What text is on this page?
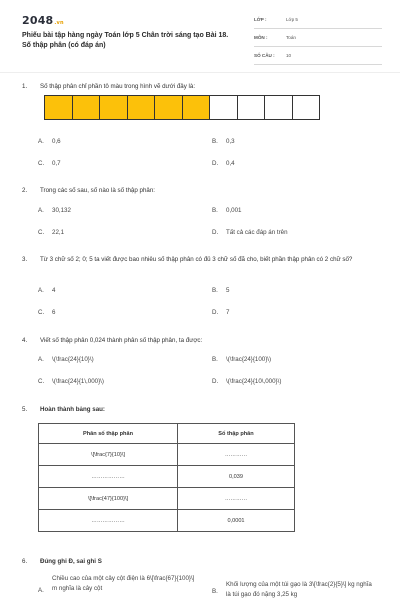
2048.vn
Phiếu bài tập hàng ngày Toán lớp 5 Chân trời sáng tạo Bài 18. Số thập phân (có đáp án)
LỚP :	Lớp 5
MÔN :	Toán
SỐ CÂU : 10
1. Số thập phân chỉ phần tô màu trong hình vẽ dưới đây là:
A. 0,6	B. 0,3
C. 0,7	D. 0,4
2. Trong các số sau, số nào là số thập phân:
A. 30,132	B. 0,001
C. 22,1	D. Tất cả các đáp án trên
3. Từ 3 chữ số 2; 0; 5 ta viết được bao nhiêu số thập phân có đủ 3 chữ số đã cho, biết phần thập phân có 2 chữ số?
A. 4	B. 5
C. 6	D. 7
4. Viết số thập phân 0,024 thành phân số thập phân, ta được:
A. \(\frac{24}{10}\)	B. \(\frac{24}{100}\)
C. \(\frac{24}{1\,000}\)	D. \(\frac{24}{10\,000}\)
5. Hoàn thành bảng sau:
Phân số thập phân	Số thập phân
\[\frac{7}{10}\]	…………
………………	0,039
\[\frac{47}{100}\]	…………
………………	0,0001
6. Đúng ghi Đ, sai ghi S
A.
Chiều cao của một cây cột điện là 6\[\frac{67}{100}\] m nghĩa là cây cột	B.
Khối lượng của một túi gạo là 3\[\frac{2}{5}\] kg nghĩa là túi gạo đó nặng 3,25 kg
